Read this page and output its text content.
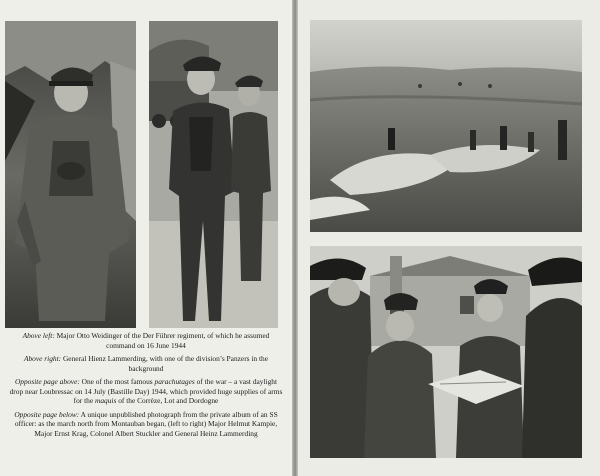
Above left: Major Otto Weidinger of the Der Führer regiment, of which he assumed command on 16 June 1944

Above right: General Hienz Lammerding, with one of the division’s Panzers in the background

Opposite page above: One of the most famous parachutages of the war – a vast daylight drop near Loubressac on 14 July (Bastille Day) 1944, which provided huge supplies of arms for the maquis of the Corrèze, Lot and Dordogne

Opposite page below: A unique unpublished photograph from the private album of an SS officer: as the march north from Montauban began, (left to right) Major Helmut Kampie, Major Ernst Krag, Colonel Albert Stuckler and General Heinz Lammerding
